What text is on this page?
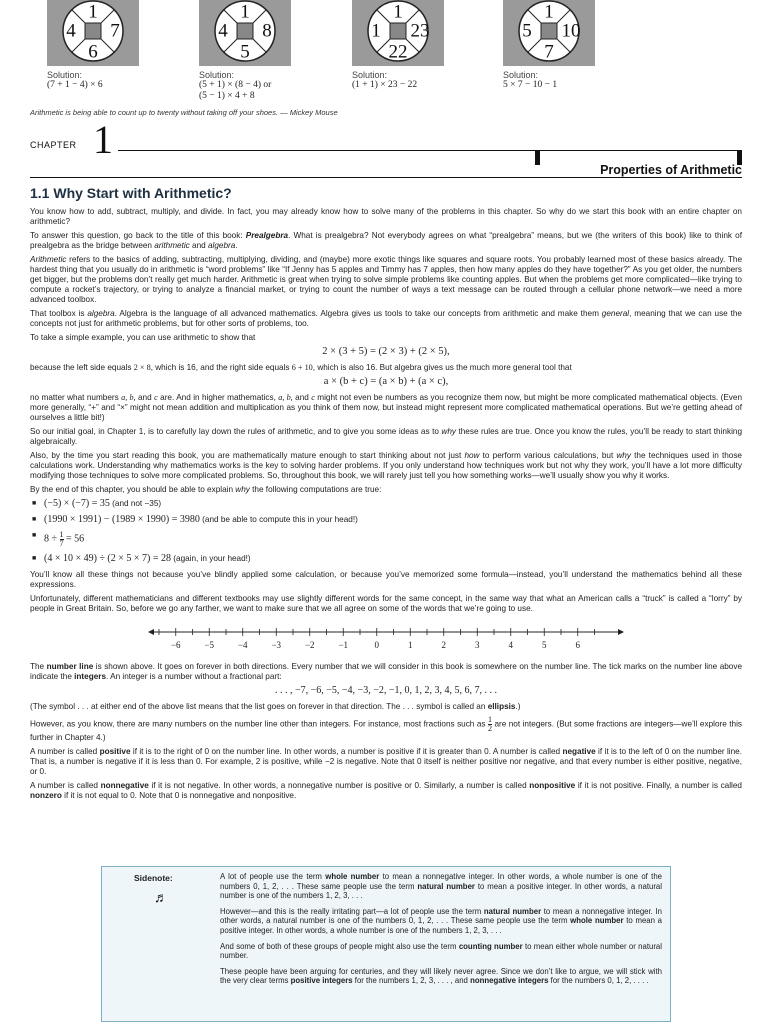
1
4 7
6
Solution:
(7 + 1 − 4) × 6
1
4 8
5
Solution:
(5 + 1) × (8 − 4) or
(5 − 1) × 4 + 8
1
1 23
22
Solution:
(1 + 1) × 23 − 22
1
5 10
7
Solution:
5 × 7 − 10 − 1
Arithmetic is being able to count up to twenty without taking off your shoes. — Mickey Mouse
CHAPTER 1
Properties of Arithmetic
1.1 Why Start with Arithmetic?

You know how to add, subtract, multiply, and divide. In fact, you may already know how to solve many of the problems in this chapter. So why do we start this book with an entire chapter on arithmetic?

To answer this question, go back to the title of this book: Prealgebra. What is prealgebra? Not everybody agrees on what “prealgebra” means, but we (the writers of this book) like to think of prealgebra as the bridge between arithmetic and algebra.

Arithmetic refers to the basics of adding, subtracting, multiplying, dividing, and (maybe) more exotic things like squares and square roots. You probably learned most of these basics already. The hardest thing that you usually do in arithmetic is “word problems” like “If Jenny has 5 apples and Timmy has 7 apples, then how many apples do they have together?” As you get older, the numbers get bigger, but the problems don’t really get much harder. Arithmetic is great when trying to solve simple problems like counting apples. But when the problems get more complicated—like trying to compute a rocket’s trajectory, or trying to analyze a financial market, or trying to count the number of ways a text message can be routed through a cellular phone network—we need a more advanced toolbox.

That toolbox is algebra. Algebra is the language of all advanced mathematics. Algebra gives us tools to take our concepts from arithmetic and make them general, meaning that we can use the concepts not just for arithmetic problems, but for other sorts of problems, too.

To take a simple example, you can use arithmetic to show that

2 × (3 + 5) = (2 × 3) + (2 × 5),

because the left side equals 2 × 8, which is 16, and the right side equals 6 + 10, which is also 16. But algebra gives us the much more general tool that

a × (b + c) = (a × b) + (a × c),

no matter what numbers a, b, and c are. And in higher mathematics, a, b, and c might not even be numbers as you recognize them now, but might be more complicated mathematical objects. (Even more generally, “+” and “×” might not mean addition and multiplication as you think of them now, but instead might represent more complicated mathematical operations. But we’re getting ahead of ourselves a little bit!)

So our initial goal, in Chapter 1, is to carefully lay down the rules of arithmetic, and to give you some ideas as to why these rules are true. Once you know the rules, you’ll be ready to start thinking algebraically.

Also, by the time you start reading this book, you are mathematically mature enough to start thinking about not just how to perform various calculations, but why the techniques used in those calculations work. Understanding why mathematics works is the key to solving harder problems. If you only understand how techniques work but not why they work, you’ll have a lot more difficulty modifying those techniques to solve more complicated problems. So, throughout this book, we will rarely just tell you how something works—we’ll usually show you why it works.

By the end of this chapter, you should be able to explain why the following computations are true:

■ (−5) × (−7) = 35 (and not −35)
■ (1990 × 1991) − (1989 × 1990) = 3980 (and be able to compute this in your head!)
■ $8 \div \frac{1}{7} = 56$
■ (4 × 10 × 49) ÷ (2 × 5 × 7) = 28 (again, in your head!)

You’ll know all these things not because you’ve blindly applied some calculation, or because you’ve memorized some formula—instead, you’ll understand the mathematics behind all these expressions.

Unfortunately, different mathematicians and different textbooks may use slightly different words for the same concept, in the same way that what an American calls a “truck” is called a “lorry” by people in Great Britain. So, before we go any farther, we want to make sure that we all agree on some of the words that we’re going to use.

−6	−5	−4	−3	−2	−1	0	1	2	3	4	5	6

The number line is shown above. It goes on forever in both directions. Every number that we will consider in this book is somewhere on the number line. The tick marks on the number line above indicate the integers. An integer is a number without a fractional part:

. . . , −7, −6, −5, −4, −3, −2, −1, 0, 1, 2, 3, 4, 5, 6, 7, . . .

(The symbol . . . at either end of the above list means that the list goes on forever in that direction. The . . . symbol is called an ellipsis.)

However, as you know, there are many numbers on the number line other than integers. For instance, most fractions such as $\frac{1}{2}$ are not integers. (But some fractions are integers—we’ll explore this further in Chapter 4.)

A number is called positive if it is to the right of 0 on the number line. In other words, a number is positive if it is greater than 0. A number is called negative if it is to the left of 0 on the number line. That is, a number is negative if it is less than 0. For example, 2 is positive, while −2 is negative. Note that 0 itself is neither positive nor negative, and that every number is either positive, negative, or 0.

A number is called nonnegative if it is not negative. In other words, a nonnegative number is positive or 0. Similarly, a number is called nonpositive if it is not positive. Finally, a number is called nonzero if it is not equal to 0. Note that 0 is nonnegative and nonpositive.

Sidenote:
♬

A lot of people use the term whole number to mean a nonnegative integer. In other words, a whole number is one of the numbers 0, 1, 2, . . . These same people use the term natural number to mean a positive integer. In other words, a natural number is one of the numbers 1, 2, 3, . . .

However—and this is the really irritating part—a lot of people use the term natural number to mean a nonnegative integer. In other words, a natural number is one of the numbers 0, 1, 2, . . . These same people use the term whole number to mean a positive integer. In other words, a whole number is one of the numbers 1, 2, 3, . . .

And some of both of these groups of people might also use the term counting number to mean either whole number or natural number.

These people have been arguing for centuries, and they will likely never agree. Since we don’t like to argue, we will stick with the very clear terms positive integers for the numbers 1, 2, 3, . . . , and nonnegative integers for the numbers 0, 1, 2, . . . .
